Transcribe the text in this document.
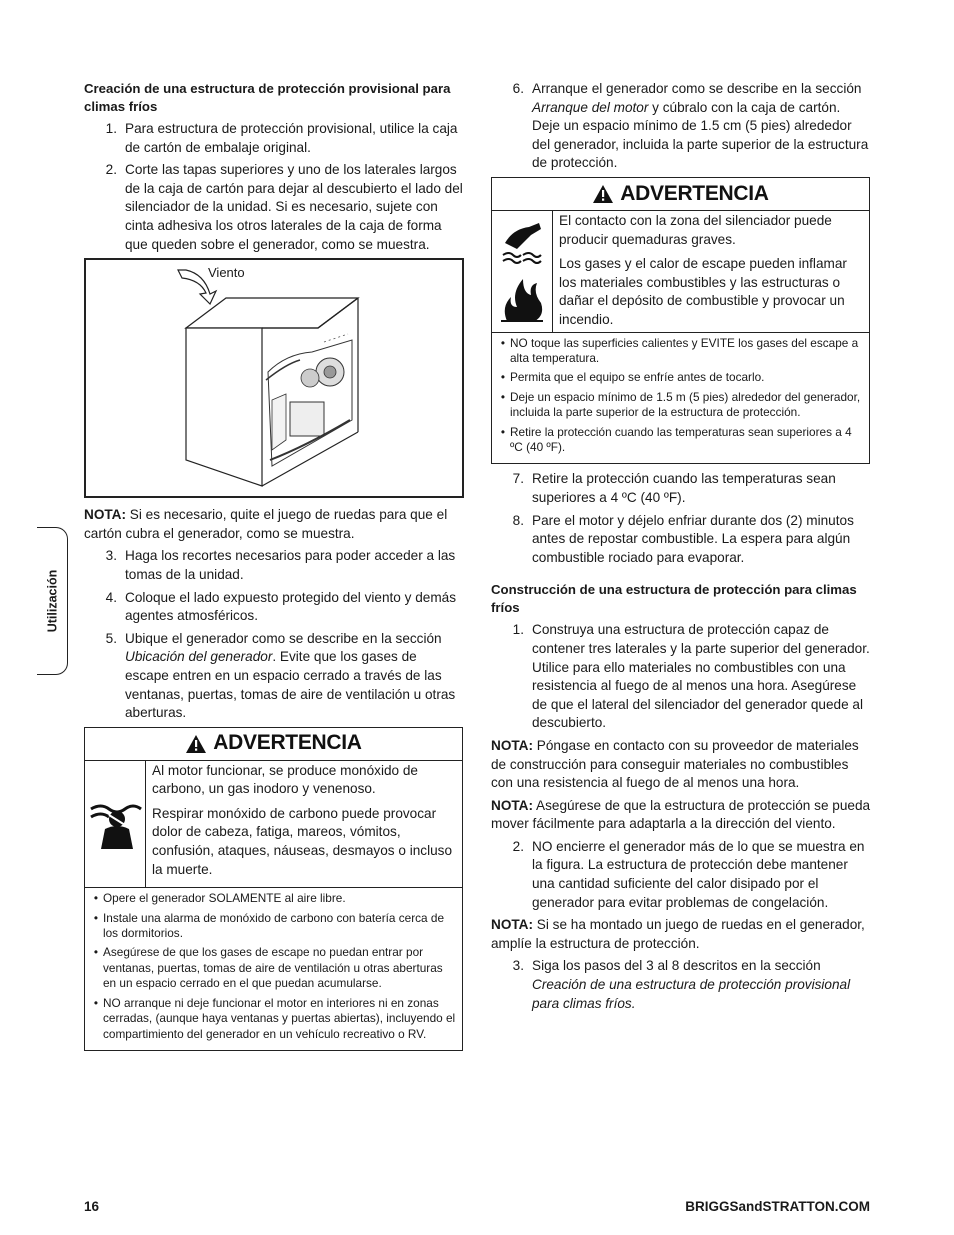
Utilización
Creación de una estructura de protección provisional para climas fríos
1. Para estructura de protección provisional, utilice la caja de cartón de embalaje original.
2. Corte las tapas superiores y uno de los laterales largos de la caja de cartón para dejar al descubierto el lado del silenciador de la unidad. Si es necesario, sujete con cinta adhesiva los otros laterales de la caja de forma que queden sobre el generador, como se muestra.
Viento

NOTA: Si es necesario, quite el juego de ruedas para que el cartón cubra el generador, como se muestra.

3. Haga los recortes necesarios para poder acceder a las tomas de la unidad.
4. Coloque el lado expuesto protegido del viento y demás agentes atmosféricos.
5. Ubique el generador como se describe en la sección Ubicación del generador. Evite que los gases de escape entren en un espacio cerrado a través de las ventanas, puertas, tomas de aire de ventilación u otras aberturas.
ADVERTENCIA

Al motor funcionar, se produce monóxido de carbono, un gas inodoro y venenoso.

Respirar monóxido de carbono puede provocar dolor de cabeza, fatiga, mareos, vómitos, confusión, ataques, náuseas, desmayos o incluso la muerte.

• Opere el generador SOLAMENTE al aire libre.
• Instale una alarma de monóxido de carbono con batería cerca de los dormitorios.
• Asegúrese de que los gases de escape no puedan entrar por ventanas, puertas, tomas de aire de ventilación u otras aberturas en un espacio cerrado en el que puedan acumularse.
• NO arranque ni deje funcionar el motor en interiores ni en zonas cerradas, (aunque haya ventanas y puertas abiertas), incluyendo el compartimiento del generador en un vehículo recreativo o RV.
6. Arranque el generador como se describe en la sección Arranque del motor y cúbralo con la caja de cartón. Deje un espacio mínimo de 1.5 cm (5 pies) alrededor del generador, incluida la parte superior de la estructura de protección.
ADVERTENCIA

El contacto con la zona del silenciador puede producir quemaduras graves.

Los gases y el calor de escape pueden inflamar los materiales combustibles y las estructuras o dañar el depósito de combustible y provocar un incendio.

• NO toque las superficies calientes y EVITE los gases del escape a alta temperatura.
• Permita que el equipo se enfríe antes de tocarlo.
• Deje un espacio mínimo de 1.5 m (5 pies) alrededor del generador, incluida la parte superior de la estructura de protección.
• Retire la protección cuando las temperaturas sean superiores a 4 ºC (40 ºF).
7. Retire la protección cuando las temperaturas sean superiores a 4 ºC (40 ºF).
8. Pare el motor y déjelo enfriar durante dos (2) minutos antes de repostar combustible. La espera para algún combustible rociado para evaporar.
Construcción de una estructura de protección para climas fríos
1. Construya una estructura de protección capaz de contener tres laterales y la parte superior del generador. Utilice para ello materiales no combustibles con una resistencia al fuego de al menos una hora. Asegúrese de que el lateral del silenciador del generador quede al descubierto.

NOTA: Póngase en contacto con su proveedor de materiales de construcción para conseguir materiales no combustibles con una resistencia al fuego de al menos una hora.

NOTA: Asegúrese de que la estructura de protección se pueda mover fácilmente para adaptarla a la dirección del viento.

2. NO encierre el generador más de lo que se muestra en la figura. La estructura de protección debe mantener una cantidad suficiente del calor disipado por el generador para evitar problemas de congelación.

NOTA: Si se ha montado un juego de ruedas en el generador, amplíe la estructura de protección.

3. Siga los pasos del 3 al 8 descritos en la sección Creación de una estructura de protección provisional para climas fríos.
16	BRIGGSandSTRATTON.COM
